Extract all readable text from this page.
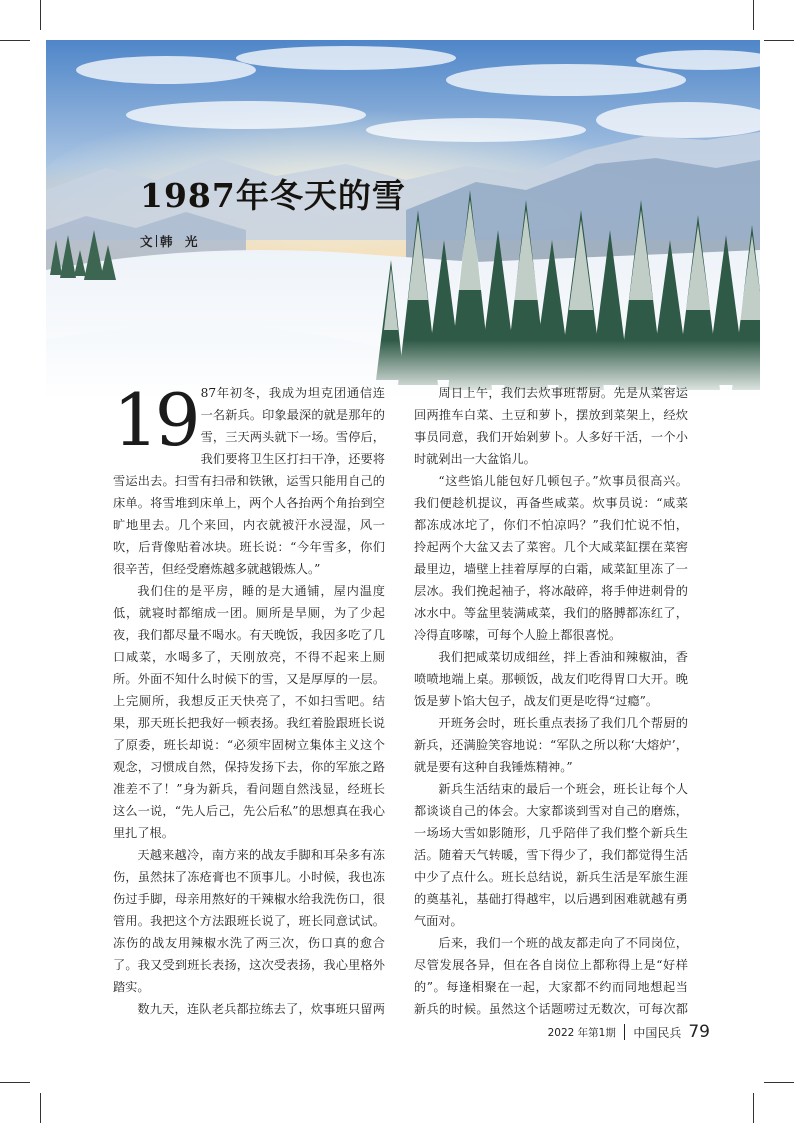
1987年冬天的雪
文 韩　光

19 87年初冬，我成为坦克团通信连一名新兵。印象最深的就是那年的雪，三天两头就下一场。雪停后，我们要将卫生区打扫干净，还要将雪运出去。扫雪有扫帚和铁锹，运雪只能用自己的床单。将雪堆到床单上，两个人各抬两个角抬到空旷地里去。几个来回，内衣就被汗水浸湿，风一吹，后背像贴着冰块。班长说：“今年雪多，你们很辛苦，但经受磨炼越多就越锻炼人。”

我们住的是平房，睡的是大通铺，屋内温度低，就寝时都缩成一团。厕所是旱厕，为了少起夜，我们都尽量不喝水。有天晚饭，我因多吃了几口咸菜，水喝多了，天刚放亮，不得不起来上厕所。外面不知什么时候下的雪，又是厚厚的一层。上完厕所，我想反正天快亮了，不如扫雪吧。结果，那天班长把我好一顿表扬。我红着脸跟班长说了原委，班长却说：“必须牢固树立集体主义这个观念，习惯成自然，保持发扬下去，你的军旅之路准差不了！”身为新兵，看问题自然浅显，经班长这么一说，“先人后己，先公后私”的思想真在我心里扎了根。

天越来越冷，南方来的战友手脚和耳朵多有冻伤，虽然抹了冻疮膏也不顶事儿。小时候，我也冻伤过手脚，母亲用熬好的干辣椒水给我洗伤口，很管用。我把这个方法跟班长说了，班长同意试试。冻伤的战友用辣椒水洗了两三次，伤口真的愈合了。我又受到班长表扬，这次受表扬，我心里格外踏实。

数九天，连队老兵都拉练去了，炊事班只留两

周日上午，我们去炊事班帮厨。先是从菜窖运回两推车白菜、土豆和萝卜，摆放到菜架上，经炊事员同意，我们开始剁萝卜。人多好干活，一个小时就剁出一大盆馅儿。

“这些馅儿能包好几顿包子。”炊事员很高兴。我们便趁机提议，再备些咸菜。炊事员说：“咸菜都冻成冰坨了，你们不怕凉吗？”我们忙说不怕，拎起两个大盆又去了菜窖。几个大咸菜缸摆在菜窖最里边，墙壁上挂着厚厚的白霜，咸菜缸里冻了一层冰。我们挽起袖子，将冰敲碎，将手伸进刺骨的冰水中。等盆里装满咸菜，我们的胳膊都冻红了，冷得直哆嗦，可每个人脸上都很喜悦。

我们把咸菜切成细丝，拌上香油和辣椒油，香喷喷地端上桌。那顿饭，战友们吃得胃口大开。晚饭是萝卜馅大包子，战友们更是吃得“过瘾”。

开班务会时，班长重点表扬了我们几个帮厨的新兵，还满脸笑容地说：“军队之所以称‘大熔炉’，就是要有这种自我锤炼精神。”

新兵生活结束的最后一个班会，班长让每个人都谈谈自己的体会。大家都谈到雪对自己的磨炼，一场场大雪如影随形，几乎陪伴了我们整个新兵生活。随着天气转暖，雪下得少了，我们都觉得生活中少了点什么。班长总结说，新兵生活是军旅生涯的奠基礼，基础打得越牢，以后遇到困难就越有勇气面对。

后来，我们一个班的战友都走向了不同岗位，尽管发展各异，但在各自岗位上都称得上是“好样的”。每逢相聚在一起，大家都不约而同地想起当新兵的时候。虽然这个话题唠过无数次，可每次都

2022 年第1期 中国民兵 79
